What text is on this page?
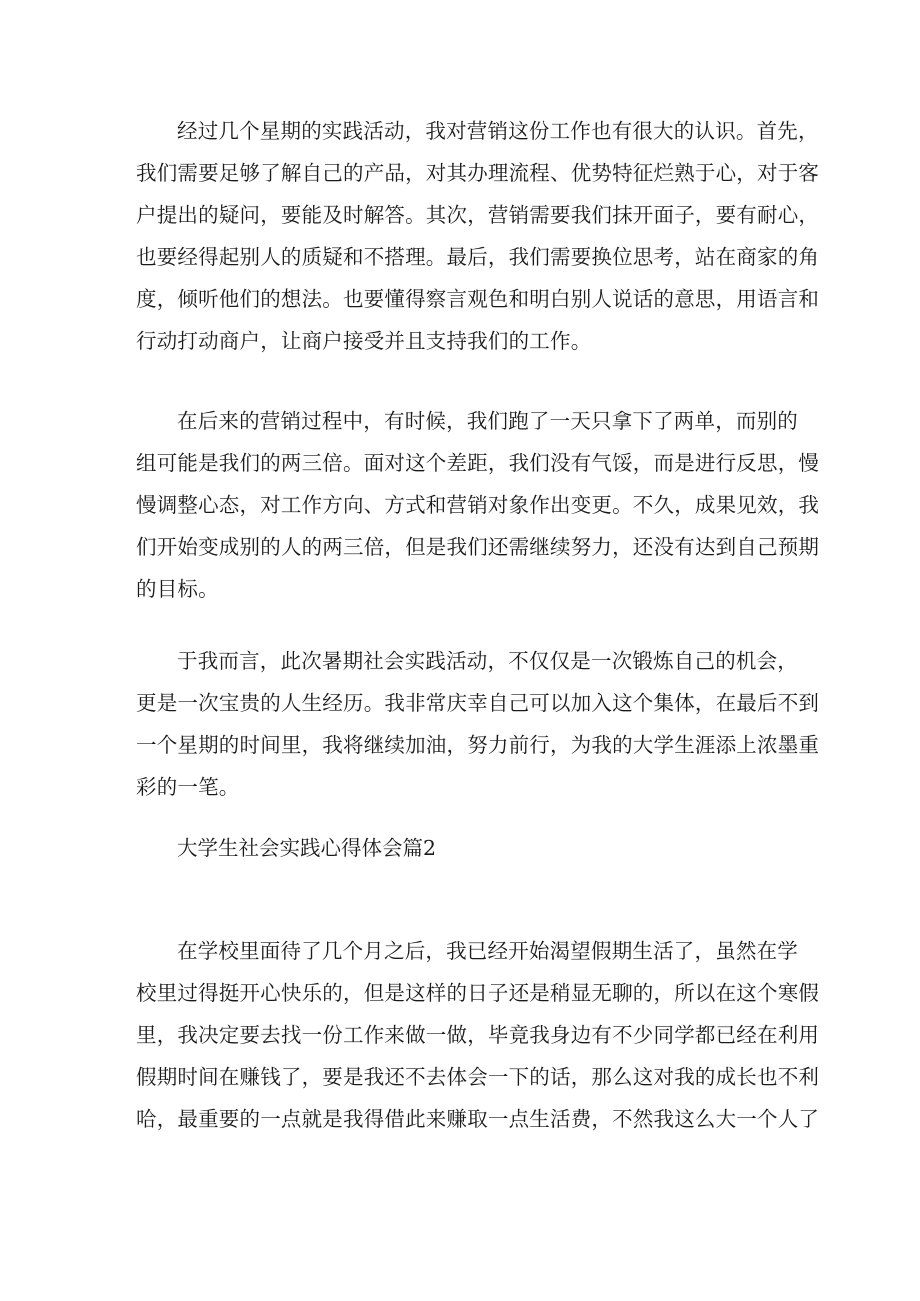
经过几个星期的实践活动，我对营销这份工作也有很大的认识。首先，
我们需要足够了解自己的产品，对其办理流程、优势特征烂熟于心，对于客
户提出的疑问，要能及时解答。其次，营销需要我们抹开面子，要有耐心，
也要经得起别人的质疑和不搭理。最后，我们需要换位思考，站在商家的角
度，倾听他们的想法。也要懂得察言观色和明白别人说话的意思，用语言和
行动打动商户，让商户接受并且支持我们的工作。
在后来的营销过程中，有时候，我们跑了一天只拿下了两单，而别的
组可能是我们的两三倍。面对这个差距，我们没有气馁，而是进行反思，慢
慢调整心态，对工作方向、方式和营销对象作出变更。不久，成果见效，我
们开始变成别的人的两三倍，但是我们还需继续努力，还没有达到自己预期
的目标。
于我而言，此次暑期社会实践活动，不仅仅是一次锻炼自己的机会，
更是一次宝贵的人生经历。我非常庆幸自己可以加入这个集体，在最后不到
一个星期的时间里，我将继续加油，努力前行，为我的大学生涯添上浓墨重
彩的一笔。
大学生社会实践心得体会篇2
在学校里面待了几个月之后，我已经开始渴望假期生活了，虽然在学
校里过得挺开心快乐的，但是这样的日子还是稍显无聊的，所以在这个寒假
里，我决定要去找一份工作来做一做，毕竟我身边有不少同学都已经在利用
假期时间在赚钱了，要是我还不去体会一下的话，那么这对我的成长也不利
哈，最重要的一点就是我得借此来赚取一点生活费，不然我这么大一个人了
